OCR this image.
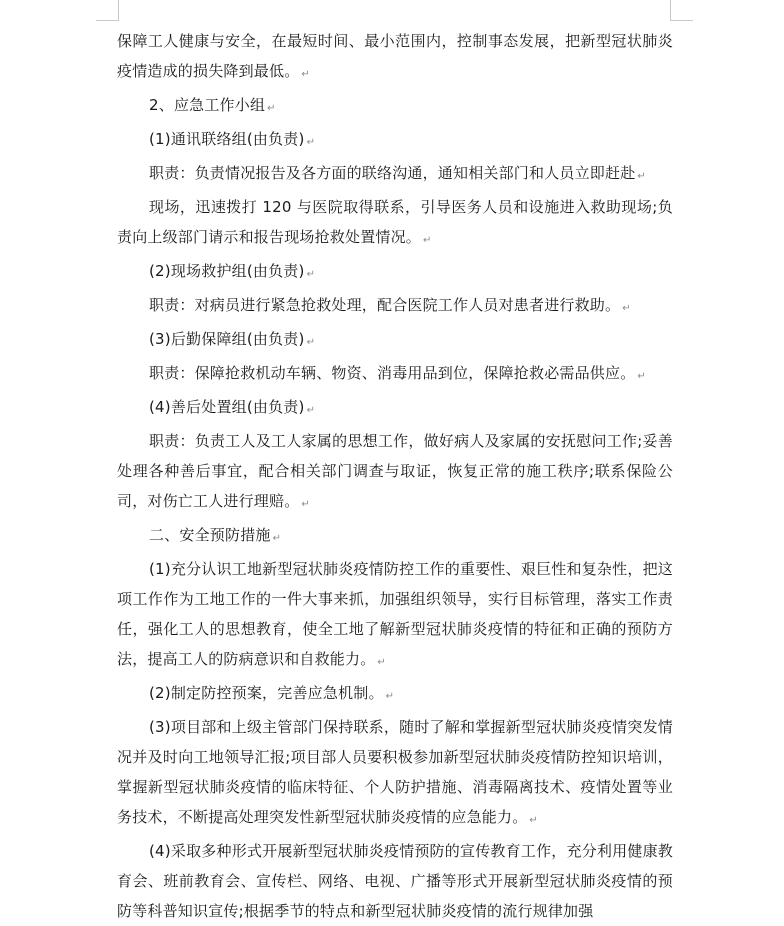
保障工人健康与安全，在最短时间、最小范围内，控制事态发展，把新型冠状肺炎疫情造成的损失降到最低。 ↵

2、应急工作小组 ↵

(1)通讯联络组(由负责) ↵

职责：负责情况报告及各方面的联络沟通，通知相关部门和人员立即赶赴 ↵

现场，迅速拨打 120 与医院取得联系，引导医务人员和设施进入救助现场;负责向上级部门请示和报告现场抢救处置情况。 ↵

(2)现场救护组(由负责) ↵

职责：对病员进行紧急抢救处理，配合医院工作人员对患者进行救助。 ↵

(3)后勤保障组(由负责) ↵

职责：保障抢救机动车辆、物资、消毒用品到位，保障抢救必需品供应。 ↵

(4)善后处置组(由负责) ↵

职责：负责工人及工人家属的思想工作，做好病人及家属的安抚慰问工作;妥善处理各种善后事宜，配合相关部门调查与取证，恢复正常的施工秩序;联系保险公司，对伤亡工人进行理赔。 ↵

二、安全预防措施 ↵

(1)充分认识工地新型冠状肺炎疫情防控工作的重要性、艰巨性和复杂性，把这项工作作为工地工作的一件大事来抓，加强组织领导，实行目标管理，落实工作责任，强化工人的思想教育，使全工地了解新型冠状肺炎疫情的特征和正确的预防方法，提高工人的防病意识和自救能力。 ↵

(2)制定防控预案，完善应急机制。 ↵

(3)项目部和上级主管部门保持联系，随时了解和掌握新型冠状肺炎疫情突发情况并及时向工地领导汇报;项目部人员要积极参加新型冠状肺炎疫情防控知识培训，掌握新型冠状肺炎疫情的临床特征、个人防护措施、消毒隔离技术、疫情处置等业务技术，不断提高处理突发性新型冠状肺炎疫情的应急能力。 ↵

(4)采取多种形式开展新型冠状肺炎疫情预防的宣传教育工作，充分利用健康教育会、班前教育会、宣传栏、网络、电视、广播等形式开展新型冠状肺炎疫情的预防等科普知识宣传;根据季节的特点和新型冠状肺炎疫情的流行规律加强
